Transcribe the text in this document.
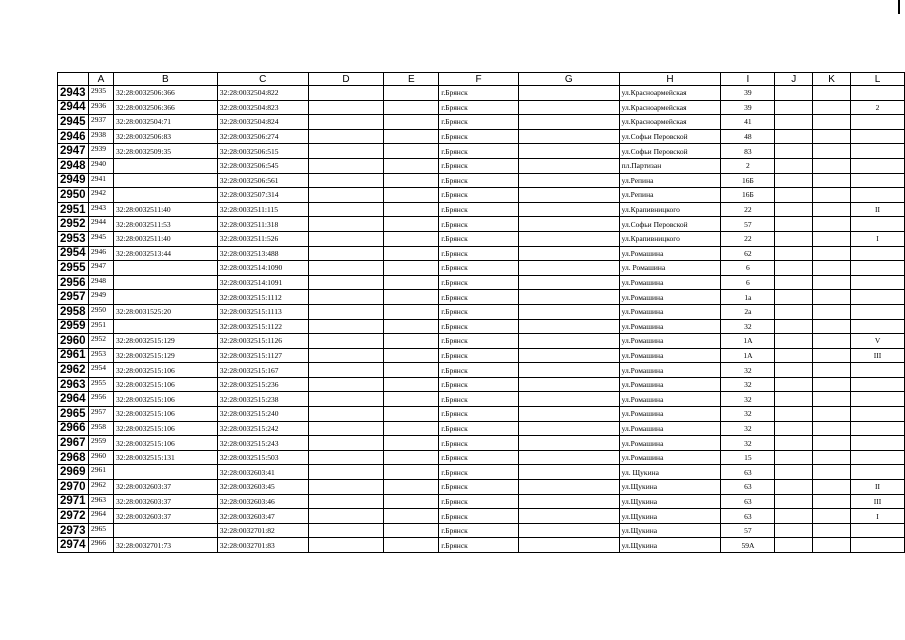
	A	B	C	D	E	F	G	H	I	J	K	L
2943	2935	32:28:0032506:366	32:28:0032504:822			г.Брянск		ул.Красноармейская	39			
2944	2936	32:28:0032506:366	32:28:0032504:823			г.Брянск		ул.Красноармейская	39			2
2945	2937	32:28:0032504:71	32:28:0032504:824			г.Брянск		ул.Красноармейская	41			
2946	2938	32:28:0032506:83	32:28:0032506:274			г.Брянск		ул.Софьи Перовской	48			
2947	2939	32:28:0032509:35	32:28:0032506:515			г.Брянск		ул.Софьи Перовской	83			
2948	2940		32:28:0032506:545			г.Брянск		пл.Партизан	2			
2949	2941		32:28:0032506:561			г.Брянск		ул.Репина	16Б			
2950	2942		32:28:0032507:314			г.Брянск		ул.Репина	16Б			
2951	2943	32:28:0032511:40	32:28:0032511:115			г.Брянск		ул.Крапивницкого	22			II
2952	2944	32:28:0032511:53	32:28:0032511:318			г.Брянск		ул.Софьи Перовской	57			
2953	2945	32:28:0032511:40	32:28:0032511:526			г.Брянск		ул.Крапивницкого	22			I
2954	2946	32:28:0032513:44	32:28:0032513:488			г.Брянск		ул.Ромашина	62			
2955	2947		32:28:0032514:1090			г.Брянск		ул. Ромашина	6			
2956	2948		32:28:0032514:1091			г.Брянск		ул.Ромашина	6			
2957	2949		32:28:0032515:1112			г.Брянск		ул.Ромашина	1а			
2958	2950	32:28:0031525:20	32:28:0032515:1113			г.Брянск		ул.Ромашина	2а			
2959	2951		32:28:0032515:1122			г.Брянск		ул.Ромашина	32			
2960	2952	32:28:0032515:129	32:28:0032515:1126			г.Брянск		ул.Ромашина	1А			V
2961	2953	32:28:0032515:129	32:28:0032515:1127			г.Брянск		ул.Ромашина	1А			III
2962	2954	32:28:0032515:106	32:28:0032515:167			г.Брянск		ул.Ромашина	32			
2963	2955	32:28:0032515:106	32:28:0032515:236			г.Брянск		ул.Ромашина	32			
2964	2956	32:28:0032515:106	32:28:0032515:238			г.Брянск		ул.Ромашина	32			
2965	2957	32:28:0032515:106	32:28:0032515:240			г.Брянск		ул.Ромашина	32			
2966	2958	32:28:0032515:106	32:28:0032515:242			г.Брянск		ул.Ромашина	32			
2967	2959	32:28:0032515:106	32:28:0032515:243			г.Брянск		ул.Ромашина	32			
2968	2960	32:28:0032515:131	32:28:0032515:503			г.Брянск		ул.Ромашина	15			
2969	2961		32:28:0032603:41			г.Брянск		ул. Щукина	63			
2970	2962	32:28:0032603:37	32:28:0032603:45			г.Брянск		ул.Щукина	63			II
2971	2963	32:28:0032603:37	32:28:0032603:46			г.Брянск		ул.Щукина	63			III
2972	2964	32:28:0032603:37	32:28:0032603:47			г.Брянск		ул.Щукина	63			I
2973	2965		32:28:0032701:82			г.Брянск		ул.Щукина	57			
2974	2966	32:28:0032701:73	32:28:0032701:83			г.Брянск		ул.Щукина	59А			
